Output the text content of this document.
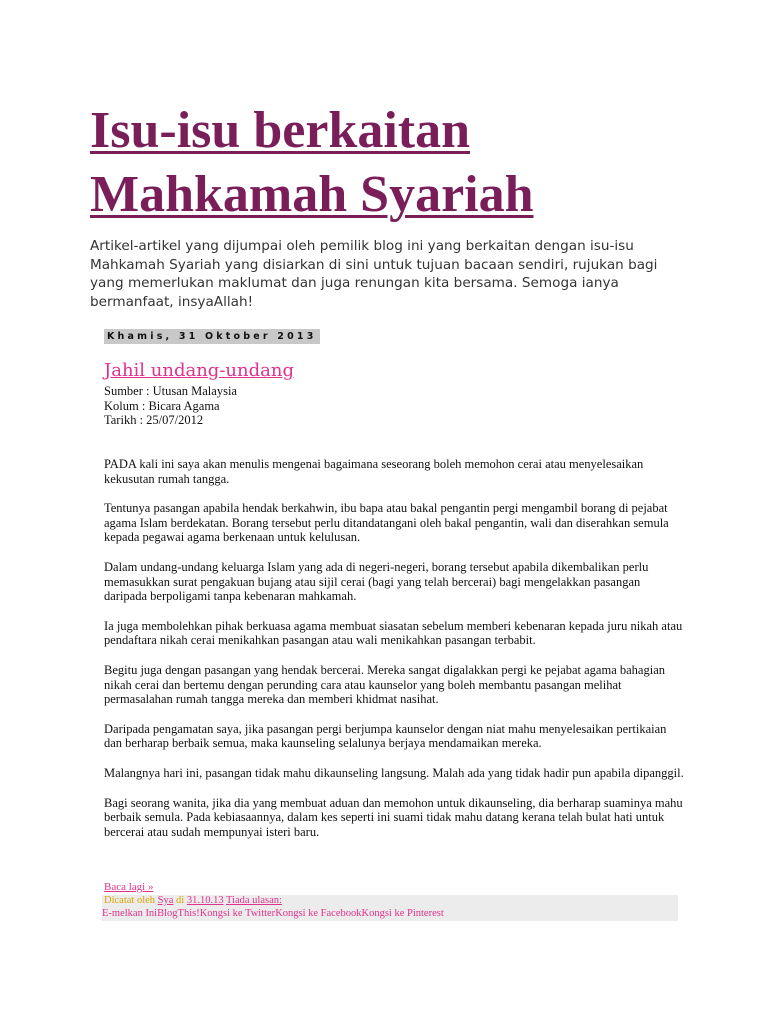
Isu-isu berkaitan
Mahkamah Syariah

Artikel-artikel yang dijumpai oleh pemilik blog ini yang berkaitan dengan isu-isu Mahkamah Syariah yang disiarkan di sini untuk tujuan bacaan sendiri, rujukan bagi yang memerlukan maklumat dan juga renungan kita bersama. Semoga ianya bermanfaat, insyaAllah!

Khamis, 31 Oktober 2013
Jahil undang-undang
Sumber : Utusan Malaysia
Kolum : Bicara Agama
Tarikh : 25/07/2012

PADA kali ini saya akan menulis mengenai bagaimana seseorang boleh memohon cerai atau menyelesaikan kekusutan rumah tangga.

Tentunya pasangan apabila hendak berkahwin, ibu bapa atau bakal pengantin pergi mengambil borang di pejabat agama Islam berdekatan. Borang tersebut perlu ditandatangani oleh bakal pengantin, wali dan diserahkan semula kepada pegawai agama berkenaan untuk kelulusan.

Dalam undang-undang keluarga Islam yang ada di negeri-negeri, borang tersebut apabila dikembalikan perlu memasukkan surat pengakuan bujang atau sijil cerai (bagi yang telah bercerai) bagi mengelakkan pasangan daripada berpoligami tanpa kebenaran mahkamah.

Ia juga membolehkan pihak berkuasa agama membuat siasatan sebelum memberi kebenaran kepada juru nikah atau pendaftara nikah cerai menikahkan pasangan atau wali menikahkan pasangan terbabit.

Begitu juga dengan pasangan yang hendak bercerai. Mereka sangat digalakkan pergi ke pejabat agama bahagian nikah cerai dan bertemu dengan perunding cara atau kaunselor yang boleh membantu pasangan melihat permasalahan rumah tangga mereka dan memberi khidmat nasihat.

Daripada pengamatan saya, jika pasangan pergi berjumpa kaunselor dengan niat mahu menyelesaikan pertikaian dan berharap berbaik semua, maka kaunseling selalunya berjaya mendamaikan mereka.

Malangnya hari ini, pasangan tidak mahu dikaunseling langsung. Malah ada yang tidak hadir pun apabila dipanggil.

Bagi seorang wanita, jika dia yang membuat aduan dan memohon untuk dikaunseling, dia berharap suaminya mahu berbaik semula. Pada kebiasaannya, dalam kes seperti ini suami tidak mahu datang kerana telah bulat hati untuk bercerai atau sudah mempunyai isteri baru.

Baca lagi »
Dicatat oleh Sya di 31.10.13 Tiada ulasan:
E-melkan IniBlogThis!Kongsi ke TwitterKongsi ke FacebookKongsi ke Pinterest
